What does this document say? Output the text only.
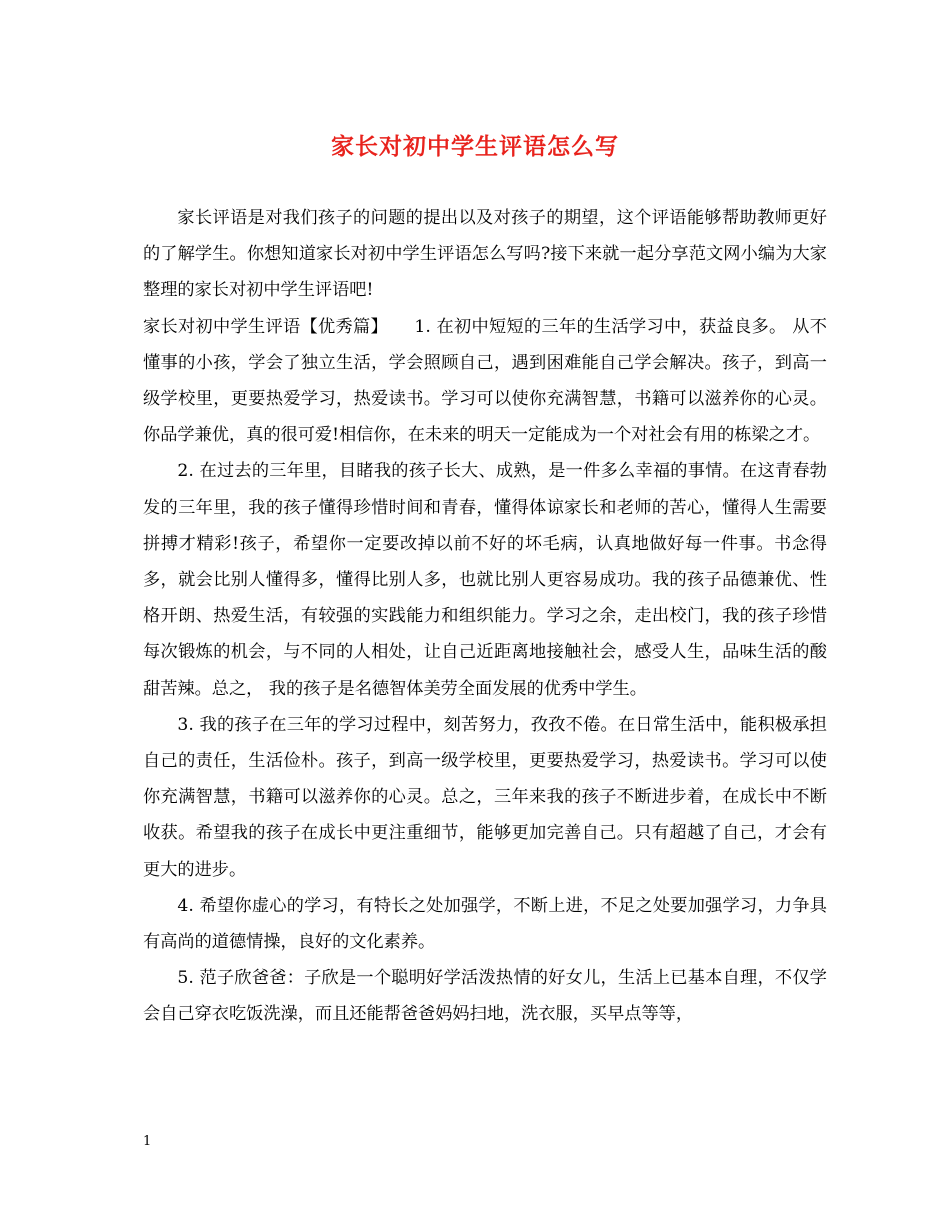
家长对初中学生评语怎么写

家长评语是对我们孩子的问题的提出以及对孩子的期望，这个评语能够帮助教师更好的了解学生。你想知道家长对初中学生评语怎么写吗?接下来就一起分享范文网小编为大家整理的家长对初中学生评语吧!

家长对初中学生评语【优秀篇】　　1. 在初中短短的三年的生活学习中，获益良多。 从不懂事的小孩，学会了独立生活，学会照顾自己，遇到困难能自己学会解决。孩子，到高一级学校里，更要热爱学习，热爱读书。学习可以使你充满智慧，书籍可以滋养你的心灵。你品学兼优，真的很可爱!相信你，在未来的明天一定能成为一个对社会有用的栋梁之才。

2. 在过去的三年里，目睹我的孩子长大、成熟，是一件多么幸福的事情。在这青春勃发的三年里，我的孩子懂得珍惜时间和青春，懂得体谅家长和老师的苦心，懂得人生需要拼搏才精彩!孩子，希望你一定要改掉以前不好的坏毛病，认真地做好每一件事。书念得多，就会比别人懂得多，懂得比别人多，也就比别人更容易成功。我的孩子品德兼优、性格开朗、热爱生活，有较强的实践能力和组织能力。学习之余，走出校门，我的孩子珍惜每次锻炼的机会，与不同的人相处，让自己近距离地接触社会，感受人生，品味生活的酸甜苦辣。总之， 我的孩子是名德智体美劳全面发展的优秀中学生。

3. 我的孩子在三年的学习过程中，刻苦努力，孜孜不倦。在日常生活中，能积极承担自己的责任，生活俭朴。孩子，到高一级学校里，更要热爱学习，热爱读书。学习可以使你充满智慧，书籍可以滋养你的心灵。总之，三年来我的孩子不断进步着，在成长中不断收获。希望我的孩子在成长中更注重细节，能够更加完善自己。只有超越了自己，才会有更大的进步。

4. 希望你虚心的学习，有特长之处加强学，不断上进，不足之处要加强学习，力争具有高尚的道德情操，良好的文化素养。

5. 范子欣爸爸：子欣是一个聪明好学活泼热情的好女儿，生活上已基本自理，不仅学会自己穿衣吃饭洗澡，而且还能帮爸爸妈妈扫地，洗衣服，买早点等等，

1
